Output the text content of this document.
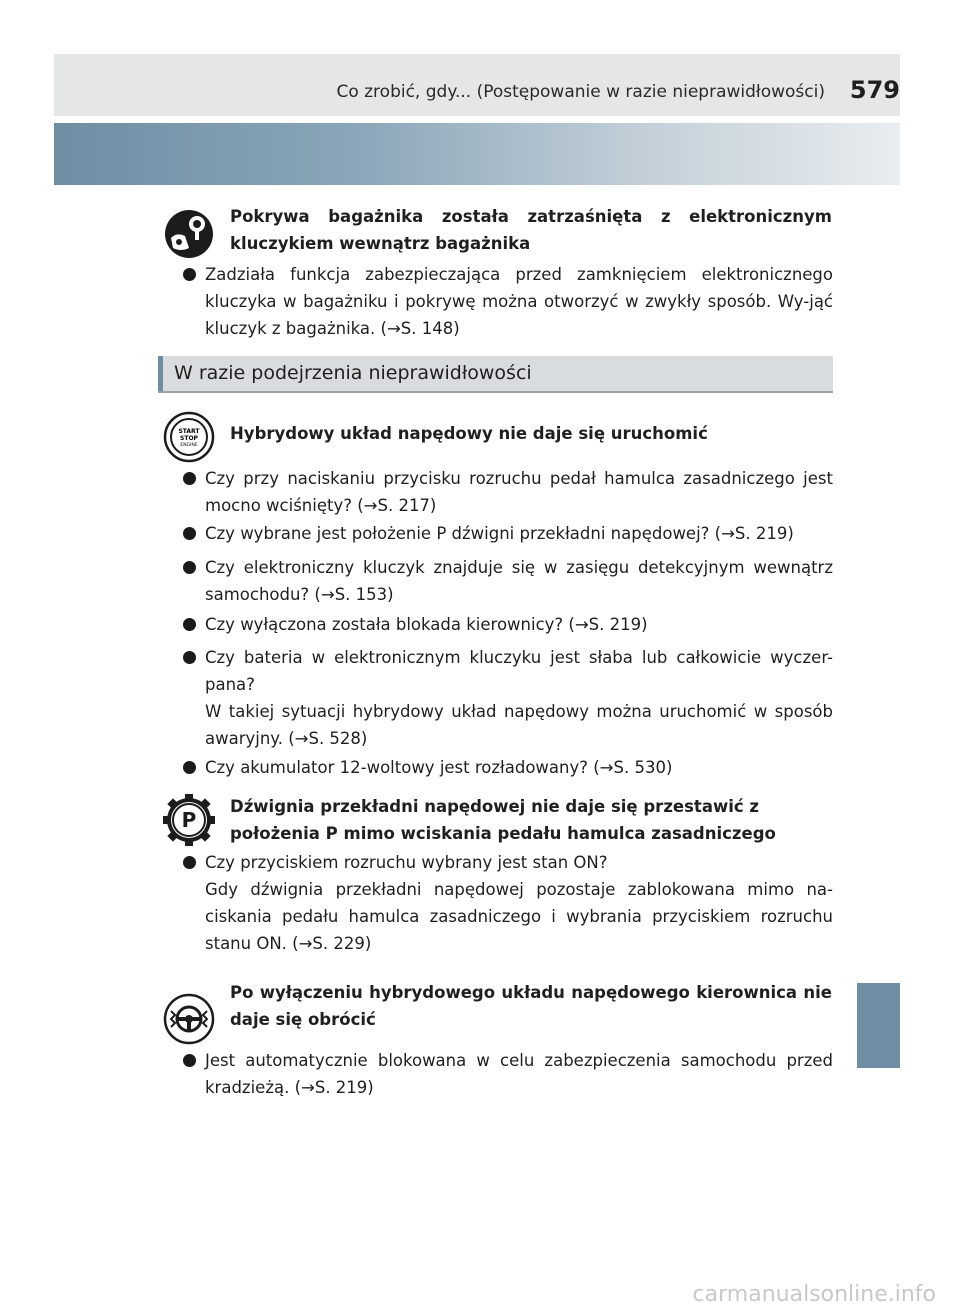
Co zrobić, gdy... (Postępowanie w razie nieprawidłowości) 579
Pokrywa bagażnika została zatrzaśnięta z elektronicznym kluczykiem wewnątrz bagażnika
Zadziała funkcja zabezpieczająca przed zamknięciem elektronicznego kluczyka w bagażniku i pokrywę można otworzyć w zwykły sposób. Wy-jąć kluczyk z bagażnika. (→S. 148)
W razie podejrzenia nieprawidłowości
START
STOP
ENGINE
Hybrydowy układ napędowy nie daje się uruchomić
Czy przy naciskaniu przycisku rozruchu pedał hamulca zasadniczego jest mocno wciśnięty? (→S. 217)
Czy wybrane jest położenie P dźwigni przekładni napędowej? (→S. 219)
Czy elektroniczny kluczyk znajduje się w zasięgu detekcyjnym wewnątrz samochodu? (→S. 153)
Czy wyłączona została blokada kierownicy? (→S. 219)
Czy bateria w elektronicznym kluczyku jest słaba lub całkowicie wyczer-pana?
W takiej sytuacji hybrydowy układ napędowy można uruchomić w sposób awaryjny. (→S. 528)
Czy akumulator 12-woltowy jest rozładowany? (→S. 530)
P
Dźwignia przekładni napędowej nie daje się przestawić z położenia P mimo wciskania pedału hamulca zasadniczego
Czy przyciskiem rozruchu wybrany jest stan ON?
Gdy dźwignia przekładni napędowej pozostaje zablokowana mimo na-ciskania pedału hamulca zasadniczego i wybrania przyciskiem rozruchu stanu ON. (→S. 229)
Po wyłączeniu hybrydowego układu napędowego kierownica nie daje się obrócić
Jest automatycznie blokowana w celu zabezpieczenia samochodu przed kradzieżą. (→S. 219)
carmanualsonline.info
